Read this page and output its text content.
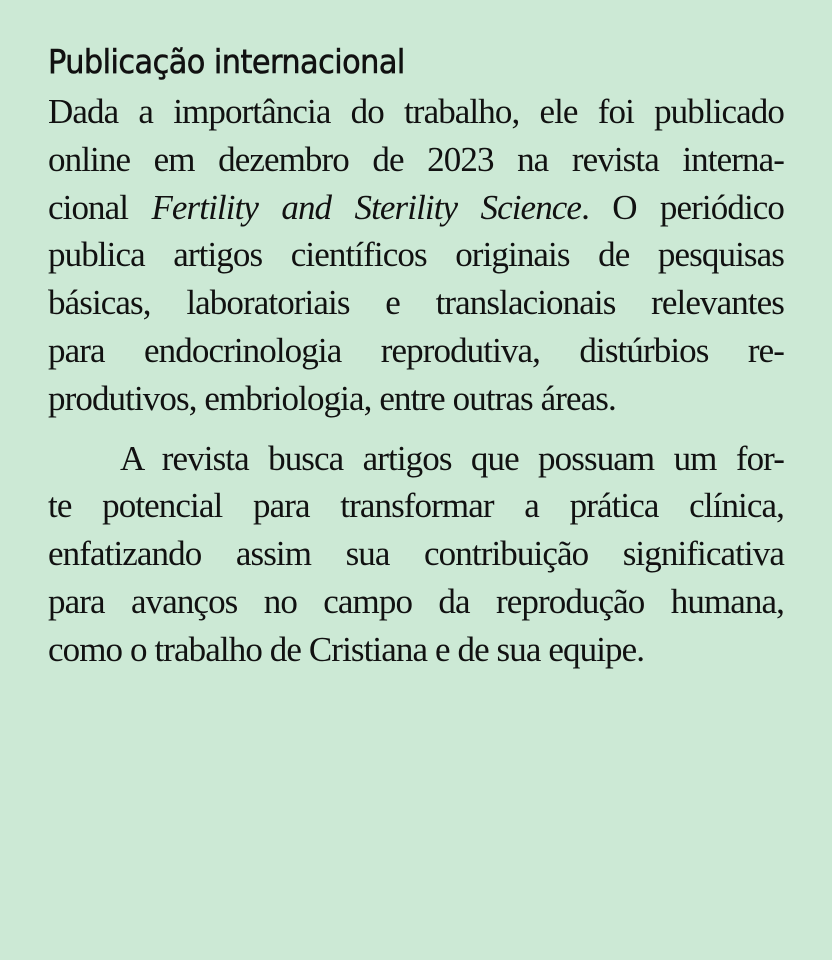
Publicação internacional

Dada a importância do trabalho, ele foi publicado
online em dezembro de 2023 na revista interna-
cional Fertility and Sterility Science. O periódico
publica artigos científicos originais de pesquisas
básicas, laboratoriais e translacionais relevantes
para endocrinologia reprodutiva, distúrbios re-
produtivos, embriologia, entre outras áreas.

A revista busca artigos que possuam um for-
te potencial para transformar a prática clínica,
enfatizando assim sua contribuição significativa
para avanços no campo da reprodução humana,
como o trabalho de Cristiana e de sua equipe.
